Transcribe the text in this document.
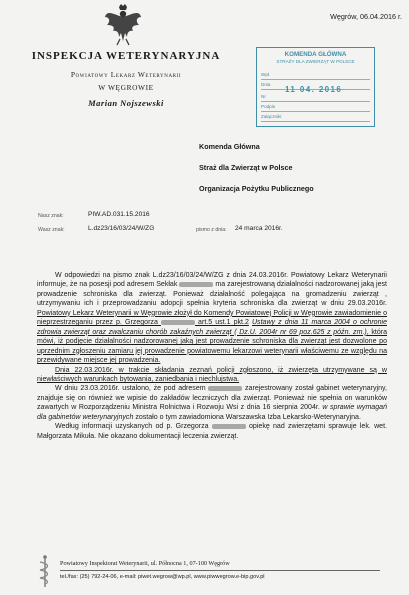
Węgrów, 06.04.2016 r.
INSPEKCJA WETERYNARYJNA
Powiatowy Lekarz Weterynarii
W WĘGROWIE
Marian Nojszewski
KOMENDA GŁÓWNA
STRAŻY DLA ZWIERZĄT W POLSCE
Wpł.
Dnia
11 04. 2016
Nr
Podpis
Załączniki
Komenda Główna
Straż dla Zwierząt w Polsce
Organizacja Pożytku Publicznego
Nasz znak:	PIW.AD.031.15.2016
Wasz znak:	L.dz23/16/03/24/W/ZG	pismo z dnia: 24 marca 2016r.

W odpowiedzi na pismo znak L.dz23/16/03/24/W/ZG z dnia 24.03.2016r. Powiatowy Lekarz Weterynarii informuje, że na posesji pod adresem Sekłak	ma zarejestrowaną działalności nadzorowanej jaką jest prowadzenie schroniska dla zwierząt. Ponieważ działalność polegająca na gromadzeniu zwierząt , utrzymywaniu ich i przeprowadzaniu adopcji spełnia kryteria schroniska dla zwierząt w dniu 29.03.2016r. Powiatowy Lekarz Weterynarii w Węgrowie złożył do Komendy Powiatowej Policji w Węgrowie zawiadomienie o nieprzestrzeganiu przez p. Grzegorza	art.5 ust.1 pkt.2 Ustawy z dnia 11 marca 2004 o ochronie zdrowia zwierząt oraz zwalczaniu chorób zakaźnych zwierząt ( Dz.U. 2004r nr 69 poz.625 z późn. zm.), która mówi, iż podjęcie działalności nadzorowanej jaką jest prowadzenie schroniska dla zwierząt jest dozwolone po uprzednim zgłoszeniu zamiaru jej prowadzenie powiatowemu lekarzowi weterynarii właściwemu ze względu na przewidywane miejsce jej prowadzenia.

Dnia 22.03.2016r. w trakcie składania zeznań policji zgłoszono, iż zwierzęta utrzymywane są w niewłaściwych warunkach bytowania, zaniedbania i niechlujstwa.

W dniu 23.03.2016r. ustalono, że pod adresem	zarejestrowany został gabinet weterynaryjny, znajduje się on również we wpisie do zakładów leczniczych dla zwierząt. Ponieważ nie spełnia on warunków zawartych w Rozporządzeniu Ministra Rolnictwa i Rozwoju Wsi z dnia 16 sierpnia 2004r. w sprawie wymagań dla gabinetów weterynaryjnych zostało o tym zawiadomiona Warszawska Izba Lekarsko-Weterynaryjna.

Według informacji uzyskanych od p. Grzegorza	opiekę nad zwierzętami sprawuje lek. wet. Małgorzata Mikuła. Nie okazano dokumentacji leczenia zwierząt.

Powiatowy Inspektorat Weterynarii, ul. Północna 1, 07-100 Węgrów
tel./fax: (25) 792-24-06, e-mail: piwet.wegrow@wp.pl, www.piwwegrow.e-bip.gov.pl
